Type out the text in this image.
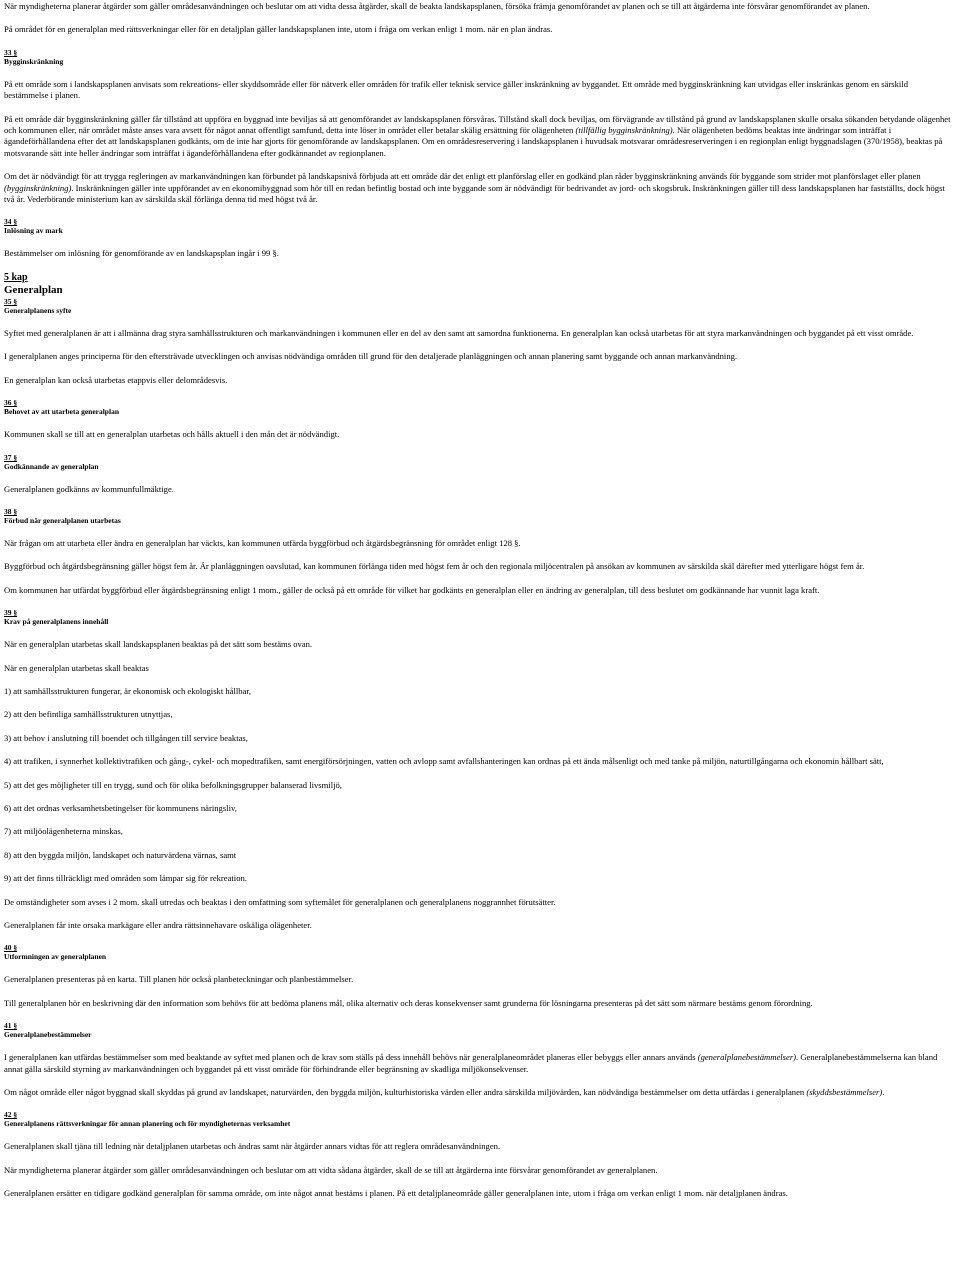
När myndigheterna planerar åtgärder som gäller områdesanvändningen och beslutar om att vidta dessa åtgärder, skall de beakta landskapsplanen, försöka främja genomförandet av planen och se till att åtgärderna inte försvårar genomförandet av planen.

På området för en generalplan med rättsverkningar eller för en detaljplan gäller landskapsplanen inte, utom i fråga om verkan enligt 1 mom. när en plan ändras.

33 §

Bygginskränkning

På ett område som i landskapsplanen anvisats som rekreations- eller skyddsområde eller för nätverk eller områden för trafik eller teknisk service gäller inskränkning av byggandet. Ett område med bygginskränkning kan utvidgas eller inskränkas genom en särskild bestämmelse i planen.

På ett område där bygginskränkning gäller får tillstånd att uppföra en byggnad inte beviljas så att genomförandet av landskapsplanen försvåras. Tillstånd skall dock beviljas, om förvägrande av tillstånd på grund av landskapsplanen skulle orsaka sökanden betydande olägenhet och kommunen eller, när området måste anses vara avsett för något annat offentligt samfund, detta inte löser in området eller betalar skälig ersättning för olägenheten (tillfällig bygginskränkning). När olägenheten bedöms beaktas inte ändringar som inträffat i ägandeförhållandena efter det att landskapsplanen godkänts, om de inte har gjorts för genomförande av landskapsplanen. Om en områdesreservering i landskapsplanen i huvudsak motsvarar områdesreserveringen i en regionplan enligt byggnadslagen (370/1958), beaktas på motsvarande sätt inte heller ändringar som inträffat i ägandeförhållandena efter godkännandet av regionplanen.

Om det är nödvändigt för att trygga regleringen av markanvändningen kan förbundet på landskapsnivå förbjuda att ett område där det enligt ett planförslag eller en godkänd plan råder bygginskränkning används för byggande som strider mot planförslaget eller planen (bygginskränkning). Inskränkningen gäller inte uppförandet av en ekonomibyggnad som hör till en redan befintlig bostad och inte byggande som är nödvändigt för bedrivandet av jord- och skogsbruk. Inskränkningen gäller till dess landskapsplanen har fastställts, dock högst två år. Vederbörande ministerium kan av särskilda skäl förlänga denna tid med högst två år.

34 §

Inlösning av mark

Bestämmelser om inlösning för genomförande av en landskapsplan ingår i 99 §.

5 kap

Generalplan

35 §

Generalplanens syfte

Syftet med generalplanen är att i allmänna drag styra samhällsstrukturen och markanvändningen i kommunen eller en del av den samt att samordna funktionerna. En generalplan kan också utarbetas för att styra markanvändningen och byggandet på ett visst område.

I generalplanen anges principerna för den eftersträvade utvecklingen och anvisas nödvändiga områden till grund för den detaljerade planläggningen och annan planering samt byggande och annan markanvändning.

En generalplan kan också utarbetas etappvis eller delområdesvis.

36 §

Behovet av att utarbeta generalplan

Kommunen skall se till att en generalplan utarbetas och hålls aktuell i den mån det är nödvändigt.

37 §

Godkännande av generalplan

Generalplanen godkänns av kommunfullmäktige.

38 §

Förbud när generalplanen utarbetas

När frågan om att utarbeta eller ändra en generalplan har väckts, kan kommunen utfärda byggförbud och åtgärdsbegränsning för området enligt 128 §.

Byggförbud och åtgärdsbegränsning gäller högst fem år. Är planläggningen oavslutad, kan kommunen förlänga tiden med högst fem år och den regionala miljöcentralen på ansökan av kommunen av särskilda skäl därefter med ytterligare högst fem år.

Om kommunen har utfärdat byggförbud eller åtgärdsbegränsning enligt 1 mom., gäller de också på ett område för vilket har godkänts en generalplan eller en ändring av generalplan, till dess beslutet om godkännande har vunnit laga kraft.

39 §

Krav på generalplanens innehåll

När en generalplan utarbetas skall landskapsplanen beaktas på det sätt som bestäms ovan.

När en generalplan utarbetas skall beaktas

1) att samhällsstrukturen fungerar, är ekonomisk och ekologiskt hållbar,

2) att den befintliga samhällsstrukturen utnyttjas,

3) att behov i anslutning till boendet och tillgången till service beaktas,

4) att trafiken, i synnerhet kollektivtrafiken och gång-, cykel- och mopedtrafiken, samt energiförsörjningen, vatten och avlopp samt avfallshanteringen kan ordnas på ett ända målsenligt och med tanke på miljön, naturtillgångarna och ekonomin hållbart sätt,

5) att det ges möjligheter till en trygg, sund och för olika befolkningsgrupper balanserad livsmiljö,

6) att det ordnas verksamhetsbetingelser för kommunens näringsliv,

7) att miljöolägenheterna minskas,

8) att den byggda miljön, landskapet och naturvärdena värnas, samt

9) att det finns tillräckligt med områden som lämpar sig för rekreation.

De omständigheter som avses i 2 mom. skall utredas och beaktas i den omfattning som syftemålet för generalplanen och generalplanens noggrannhet förutsätter.

Generalplanen får inte orsaka markägare eller andra rättsinnehavare oskäliga olägenheter.

40 §

Utformningen av generalplanen

Generalplanen presenteras på en karta. Till planen hör också planbeteckningar och planbestämmelser.

Till generalplanen hör en beskrivning där den information som behövs för att bedöma planens mål, olika alternativ och deras konsekvenser samt grunderna för lösningarna presenteras på det sätt som närmare bestäms genom förordning.

41 §

Generalplanebestämmelser

I generalplanen kan utfärdas bestämmelser som med beaktande av syftet med planen och de krav som ställs på dess innehåll behövs när generalplaneområdet planeras eller bebyggs eller annars används (generalplanebestämmelser). Generalplanebestämmelserna kan bland annat gälla särskild styrning av markanvändningen och byggandet på ett visst område för förhindrande eller begränsning av skadliga miljökonsekvenser.

Om något område eller något byggnad skall skyddas på grund av landskapet, naturvärden, den byggda miljön, kulturhistoriska värden eller andra särskilda miljövärden, kan nödvändiga bestämmelser om detta utfärdas i generalplanen (skyddsbestämmelser).

42 §

Generalplanens rättsverkningar för annan planering och för myndigheternas verksamhet

Generalplanen skall tjäna till ledning när detaljplanen utarbetas och ändras samt när åtgärder annars vidtas för att reglera områdesanvändningen.

När myndigheterna planerar åtgärder som gäller områdesanvändningen och beslutar om att vidta sådana åtgärder, skall de se till att åtgärderna inte försvårar genomförandet av generalplanen.

Generalplanen ersätter en tidigare godkänd generalplan för samma område, om inte något annat bestäms i planen. På ett detaljplaneområde gäller generalplanen inte, utom i fråga om verkan enligt 1 mom. när detaljplanen ändras.
